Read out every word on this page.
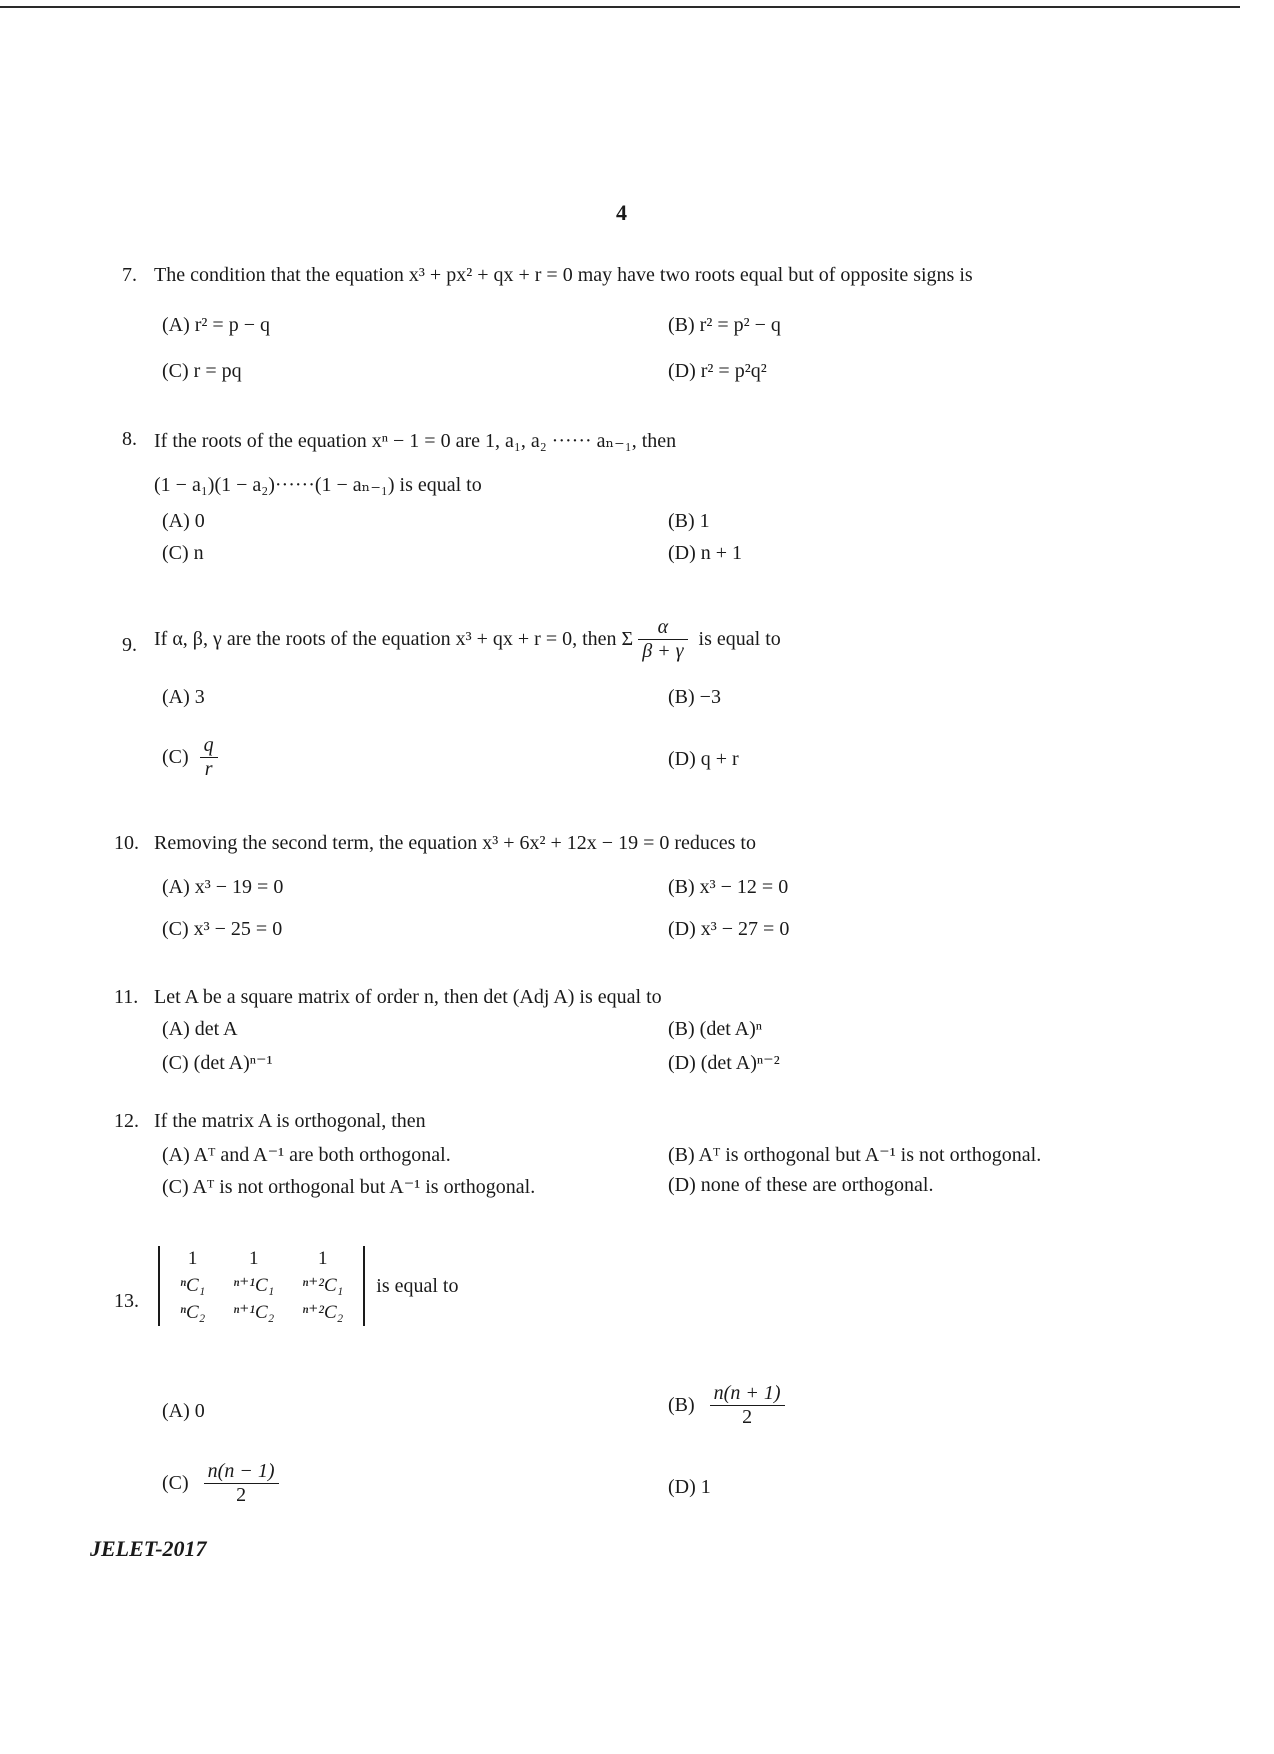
4
7. The condition that the equation x³ + px² + qx + r = 0 may have two roots equal but of opposite signs is
(A) r² = p − q	(B) r² = p² − q
(C) r = pq	(D) r² = p²q²
8. If the roots of the equation xⁿ − 1 = 0 are 1, a₁, a₂ ······ aₙ₋₁, then
(1 − a₁)(1 − a₂)······(1 − aₙ₋₁) is equal to
(A) 0	(B) 1
(C) n	(D) n + 1
9. If α, β, γ are the roots of the equation x³ + qx + r = 0, then Σ $\frac{\alpha}{\beta + \gamma}$ is equal to
(A) 3	(B) −3
$(C) \frac{q}{r}$	(D) q + r
10. Removing the second term, the equation x³ + 6x² + 12x − 19 = 0 reduces to
(A) x³ − 19 = 0	(B) x³ − 12 = 0
(C) x³ − 25 = 0	(D) x³ − 27 = 0
11. Let A be a square matrix of order n, then det (Adj A) is equal to
(A) det A	(B) (det A)ⁿ
(C) (det A)ⁿ⁻¹	(D) (det A)ⁿ⁻²
12. If the matrix A is orthogonal, then
(A) Aᵀ and A⁻¹ are both orthogonal.	(B) Aᵀ is orthogonal but A⁻¹ is not orthogonal.
(C) Aᵀ is not orthogonal but A⁻¹ is orthogonal.	(D) none of these are orthogonal.
13.
1	1	1
ⁿC₁	ⁿ⁺¹C₁	ⁿ⁺²C₁
ⁿC₂	ⁿ⁺¹C₂	ⁿ⁺²C₂
is equal to
(A) 0	$(B) \frac{n(n + 1)}{2}$
$(C) \frac{n(n - 1)}{2}$	(D) 1
JELET-2017
